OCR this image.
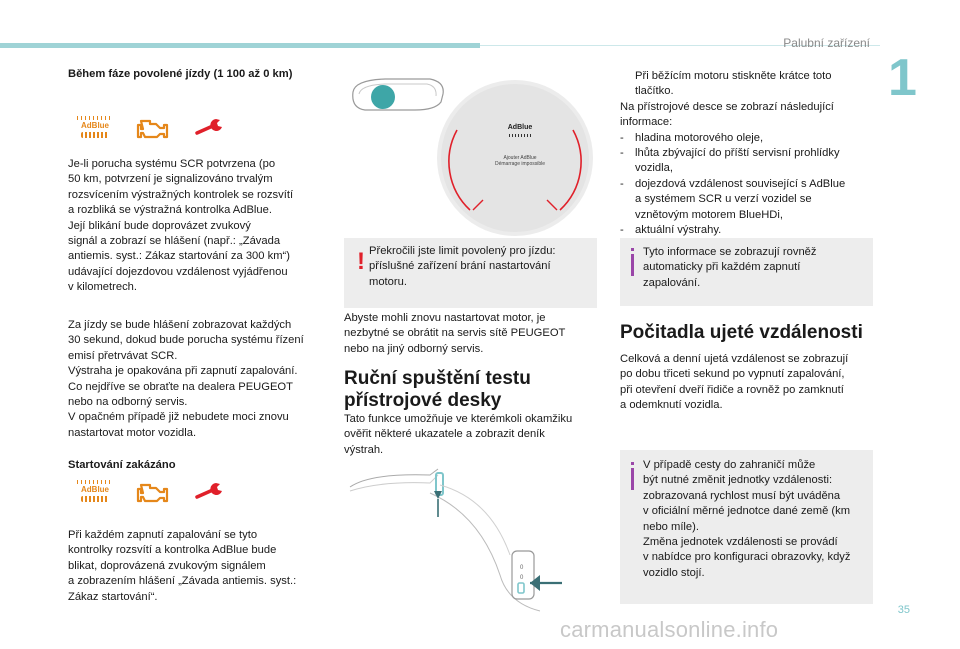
Palubní zařízení
1
Během fáze povolené jízdy (1 100 až 0 km)
AdBlue
Je-li porucha systému SCR potvrzena (po
50 km, potvrzení je signalizováno trvalým
rozsvícením výstražných kontrolek se rozsvítí
a rozbliká se výstražná kontrolka AdBlue.
Její blikání bude doprovázet zvukový
signál a zobrazí se hlášení (např.: „Závada
antiemis. syst.: Zákaz startování za 300 km“)
udávající dojezdovou vzdálenost vyjádřenou
v kilometrech.
Za jízdy se bude hlášení zobrazovat každých
30 sekund, dokud bude porucha systému řízení
emisí přetrvávat SCR.
Výstraha je opakována při zapnutí zapalování.
Co nejdříve se obraťte na dealera PEUGEOT
nebo na odborný servis.
V opačném případě již nebudete moci znovu
nastartovat motor vozidla.
Startování zakázáno
AdBlue
Při každém zapnutí zapalování se tyto
kontrolky rozsvítí a kontrolka AdBlue bude
blikat, doprovázená zvukovým signálem
a zobrazením hlášení „Závada antiemis. syst.:
Zákaz startování“.
AdBlue
Ajouter AdBlue
Démarrage impossible
! Překročili jste limit povolený pro jízdu:
příslušné zařízení brání nastartování
motoru.
Abyste mohli znovu nastartovat motor, je
nezbytné se obrátit na servis sítě PEUGEOT
nebo na jiný odborný servis.
Ruční spuštění testu
přístrojové desky
Tato funkce umožňuje ve kterémkoli okamžiku
ověřit některé ukazatele a zobrazit deník
výstrah.
0
0
Při běžícím motoru stiskněte krátce toto
tlačítko.
Na přístrojové desce se zobrazí následující
informace:
- hladina motorového oleje,
- lhůta zbývající do příští servisní prohlídky
vozidla,
- dojezdová vzdálenost související s AdBlue
a systémem SCR u verzí vozidel se
vznětovým motorem BlueHDi,
- aktuální výstrahy.
Tyto informace se zobrazují rovněž
automaticky při každém zapnutí
zapalování.
Počitadla ujeté vzdálenosti
Celková a denní ujetá vzdálenost se zobrazují
po dobu třiceti sekund po vypnutí zapalování,
při otevření dveří řidiče a rovněž po zamknutí
a odemknutí vozidla.
V případě cesty do zahraničí může
být nutné změnit jednotky vzdálenosti:
zobrazovaná rychlost musí být uváděna
v oficiální měrné jednotce dané země (km
nebo míle).
Změna jednotek vzdálenosti se provádí
v nabídce pro konfiguraci obrazovky, když
vozidlo stojí.
35
carmanualsonline.info
